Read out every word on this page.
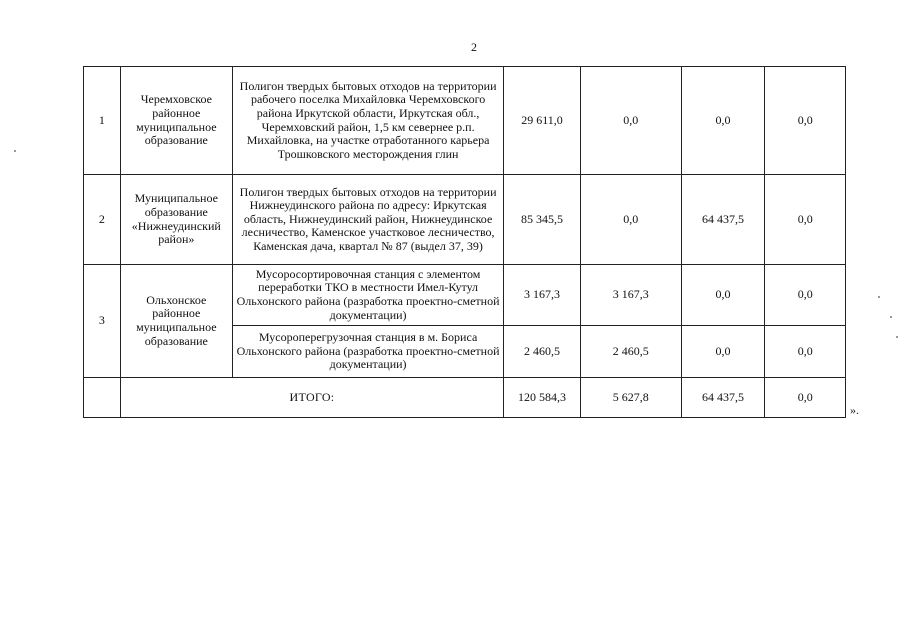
2
1	Черемховское районное муниципальное образование	Полигон твердых бытовых отходов на территории рабочего поселка Михайловка Черемховского района Иркутской области, Иркутская обл., Черемховский район, 1,5 км севернее р.п. Михайловка, на участке отработанного карьера Трошковского месторождения глин	29 611,0	0,0	0,0	0,0
2	Муниципальное образование «Нижнеудинский район»	Полигон твердых бытовых отходов на территории Нижнеудинского района по адресу: Иркутская область, Нижнеудинский район, Нижнеудинское лесничество, Каменское участковое лесничество, Каменская дача, квартал № 87 (выдел 37, 39)	85 345,5	0,0	64 437,5	0,0
3	Ольхонское районное муниципальное образование	Мусоросортировочная станция с элементом переработки ТКО в местности Имел-Кутул Ольхонского района (разработка проектно-сметной документации)	3 167,3	3 167,3	0,0	0,0
		Мусороперегрузочная станция в м. Бориса Ольхонского района (разработка проектно-сметной документации)	2 460,5	2 460,5	0,0	0,0
	ИТОГО:		120 584,3	5 627,8	64 437,5	0,0
».
